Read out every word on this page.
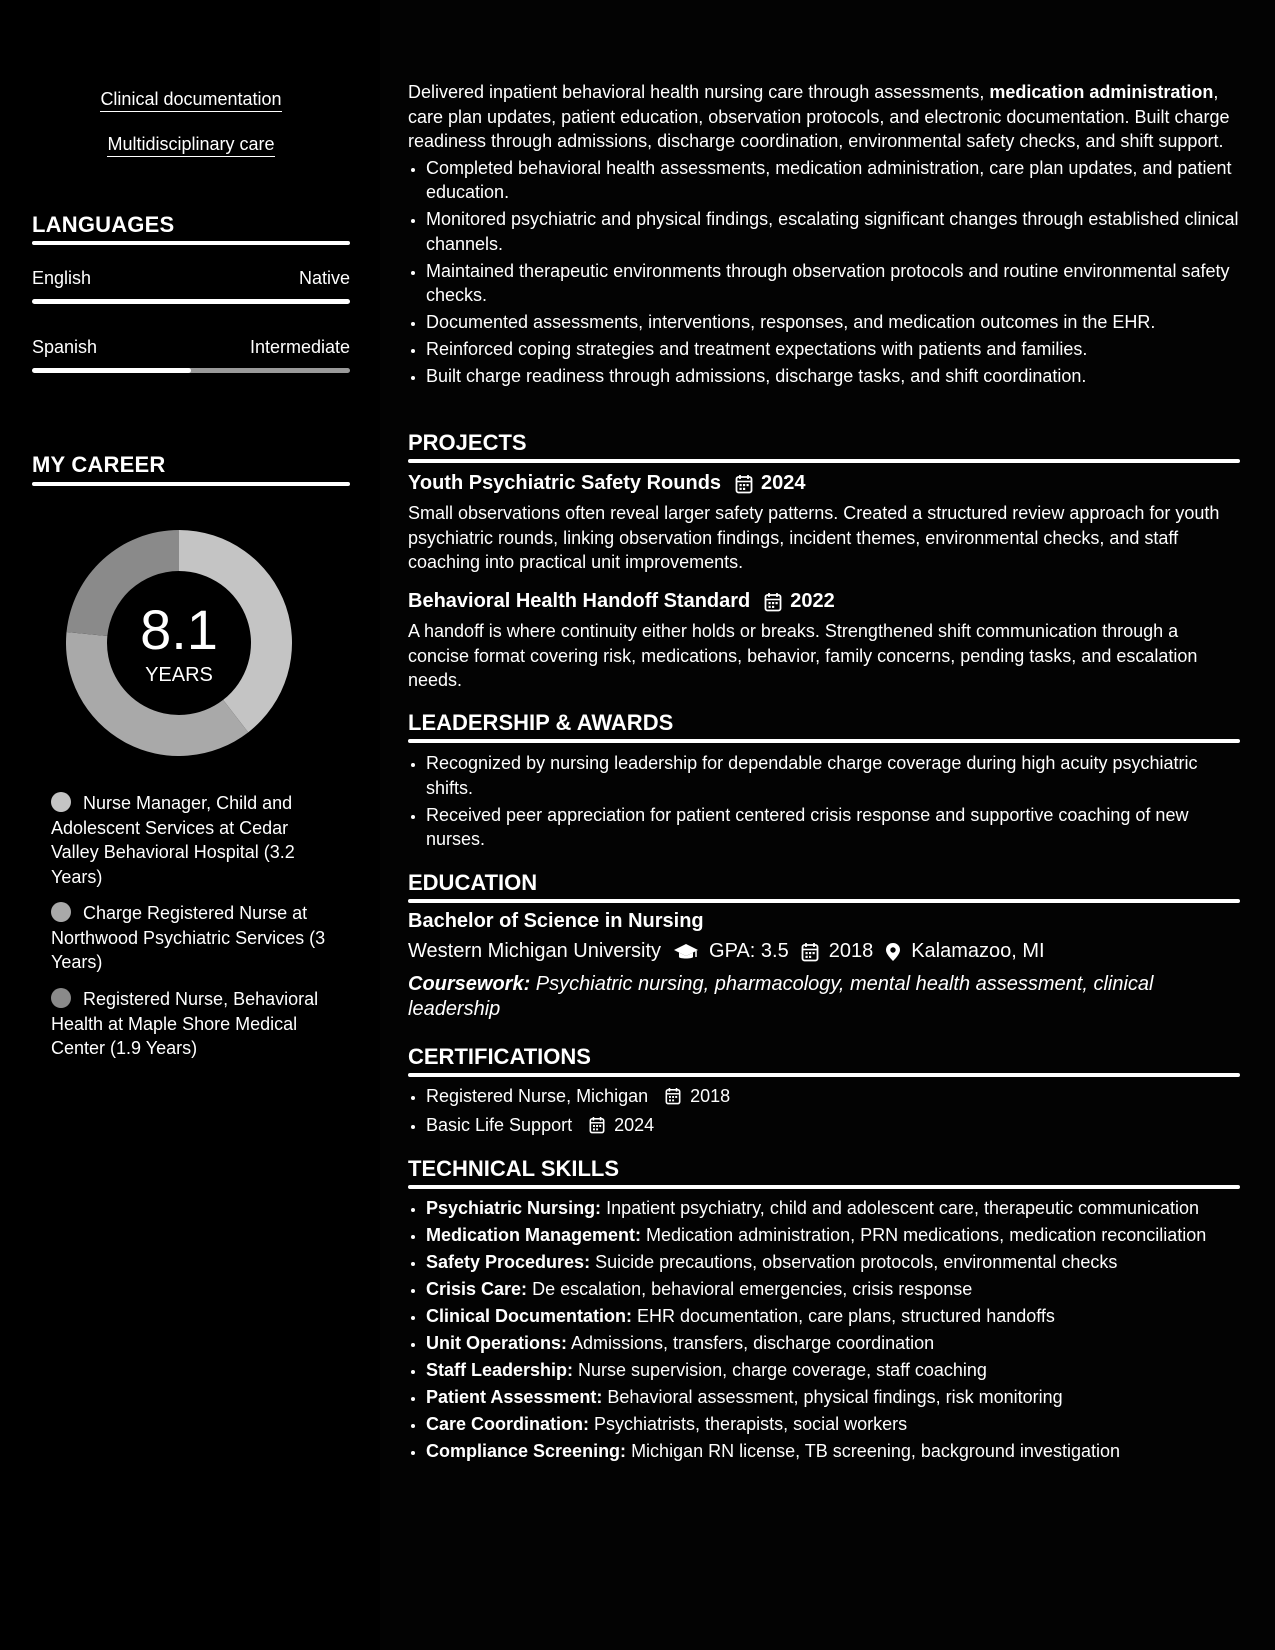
Clinical documentation
Multidisciplinary care
LANGUAGES
English	Native
Spanish	Intermediate
MY CAREER
8.1
YEARS
Nurse Manager, Child and Adolescent Services at Cedar Valley Behavioral Hospital (3.2 Years)
Charge Registered Nurse at Northwood Psychiatric Services (3 Years)
Registered Nurse, Behavioral Health at Maple Shore Medical Center (1.9 Years)

Delivered inpatient behavioral health nursing care through assessments, medication administration, care plan updates, patient education, observation protocols, and electronic documentation. Built charge readiness through admissions, discharge coordination, environmental safety checks, and shift support.

• Completed behavioral health assessments, medication administration, care plan updates, and patient education.
• Monitored psychiatric and physical findings, escalating significant changes through established clinical channels.
• Maintained therapeutic environments through observation protocols and routine environmental safety checks.
• Documented assessments, interventions, responses, and medication outcomes in the EHR.
• Reinforced coping strategies and treatment expectations with patients and families.
• Built charge readiness through admissions, discharge tasks, and shift coordination.
PROJECTS
Youth Psychiatric Safety Rounds 2024
Small observations often reveal larger safety patterns. Created a structured review approach for youth psychiatric rounds, linking observation findings, incident themes, environmental checks, and staff coaching into practical unit improvements.
Behavioral Health Handoff Standard 2022
A handoff is where continuity either holds or breaks. Strengthened shift communication through a concise format covering risk, medications, behavior, family concerns, pending tasks, and escalation needs.
LEADERSHIP & AWARDS
• Recognized by nursing leadership for dependable charge coverage during high acuity psychiatric shifts.
• Received peer appreciation for patient centered crisis response and supportive coaching of new nurses.
EDUCATION
Bachelor of Science in Nursing
Western Michigan University GPA: 3.5 2018 Kalamazoo, MI
Coursework: Psychiatric nursing, pharmacology, mental health assessment, clinical leadership
CERTIFICATIONS
• Registered Nurse, Michigan 2018
• Basic Life Support 2024
TECHNICAL SKILLS
• Psychiatric Nursing: Inpatient psychiatry, child and adolescent care, therapeutic communication
• Medication Management: Medication administration, PRN medications, medication reconciliation
• Safety Procedures: Suicide precautions, observation protocols, environmental checks
• Crisis Care: De escalation, behavioral emergencies, crisis response
• Clinical Documentation: EHR documentation, care plans, structured handoffs
• Unit Operations: Admissions, transfers, discharge coordination
• Staff Leadership: Nurse supervision, charge coverage, staff coaching
• Patient Assessment: Behavioral assessment, physical findings, risk monitoring
• Care Coordination: Psychiatrists, therapists, social workers
• Compliance Screening: Michigan RN license, TB screening, background investigation
